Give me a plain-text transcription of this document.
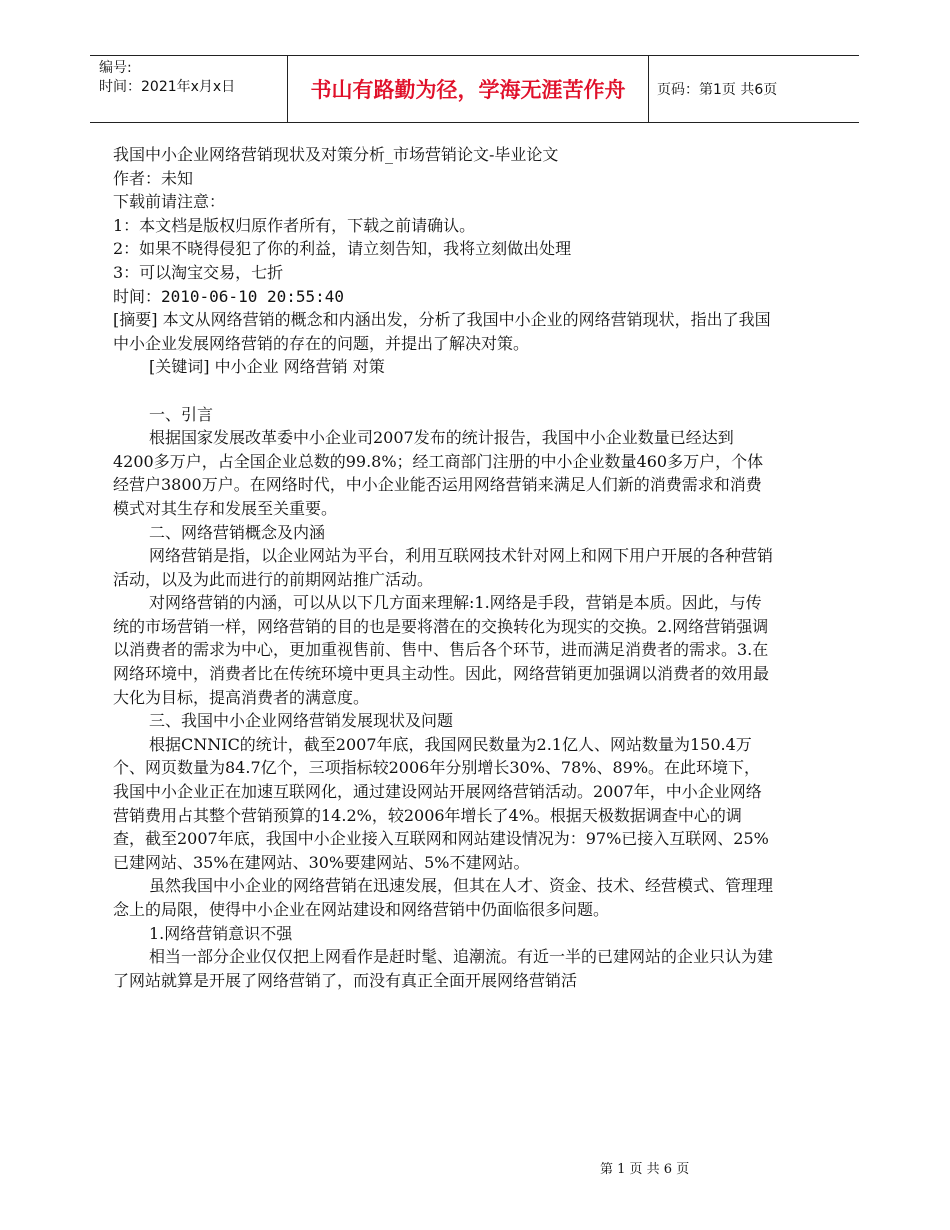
编号:
时间：2021年x月x日	书山有路勤为径，学海无涯苦作舟	页码：第1页 共6页

我国中小企业网络营销现状及对策分析_市场营销论文-毕业论文

作者：未知

下载前请注意：

1：本文档是版权归原作者所有，下载之前请确认。

2：如果不晓得侵犯了你的利益，请立刻告知，我将立刻做出处理

3：可以淘宝交易，七折

时间：2010-06-10 20:55:40

[摘要] 本文从网络营销的概念和内涵出发，分析了我国中小企业的网络营销现状，指出了我国中小企业发展网络营销的存在的问题，并提出了解决对策。

[关键词] 中小企业 网络营销 对策

一、引言

根据国家发展改革委中小企业司2007发布的统计报告，我国中小企业数量已经达到4200多万户，占全国企业总数的99.8%；经工商部门注册的中小企业数量460多万户，个体经营户3800万户。在网络时代，中小企业能否运用网络营销来满足人们新的消费需求和消费模式对其生存和发展至关重要。

二、网络营销概念及内涵

网络营销是指，以企业网站为平台，利用互联网技术针对网上和网下用户开展的各种营销活动，以及为此而进行的前期网站推广活动。

对网络营销的内涵，可以从以下几方面来理解:1.网络是手段，营销是本质。因此，与传统的市场营销一样，网络营销的目的也是要将潜在的交换转化为现实的交换。2.网络营销强调以消费者的需求为中心，更加重视售前、售中、售后各个环节，进而满足消费者的需求。3.在网络环境中，消费者比在传统环境中更具主动性。因此，网络营销更加强调以消费者的效用最大化为目标，提高消费者的满意度。

三、我国中小企业网络营销发展现状及问题

根据CNNIC的统计，截至2007年底，我国网民数量为2.1亿人、网站数量为150.4万个、网页数量为84.7亿个，三项指标较2006年分别增长30%、78%、89%。在此环境下，我国中小企业正在加速互联网化，通过建设网站开展网络营销活动。2007年，中小企业网络营销费用占其整个营销预算的14.2%，较2006年增长了4%。根据天极数据调查中心的调查，截至2007年底，我国中小企业接入互联网和网站建设情况为：97%已接入互联网、25%已建网站、35%在建网站、30%要建网站、5%不建网站。

虽然我国中小企业的网络营销在迅速发展，但其在人才、资金、技术、经营模式、管理理念上的局限，使得中小企业在网站建设和网络营销中仍面临很多问题。

1.网络营销意识不强

相当一部分企业仅仅把上网看作是赶时髦、追潮流。有近一半的已建网站的企业只认为建了网站就算是开展了网络营销了，而没有真正全面开展网络营销活

第 1 页 共 6 页
